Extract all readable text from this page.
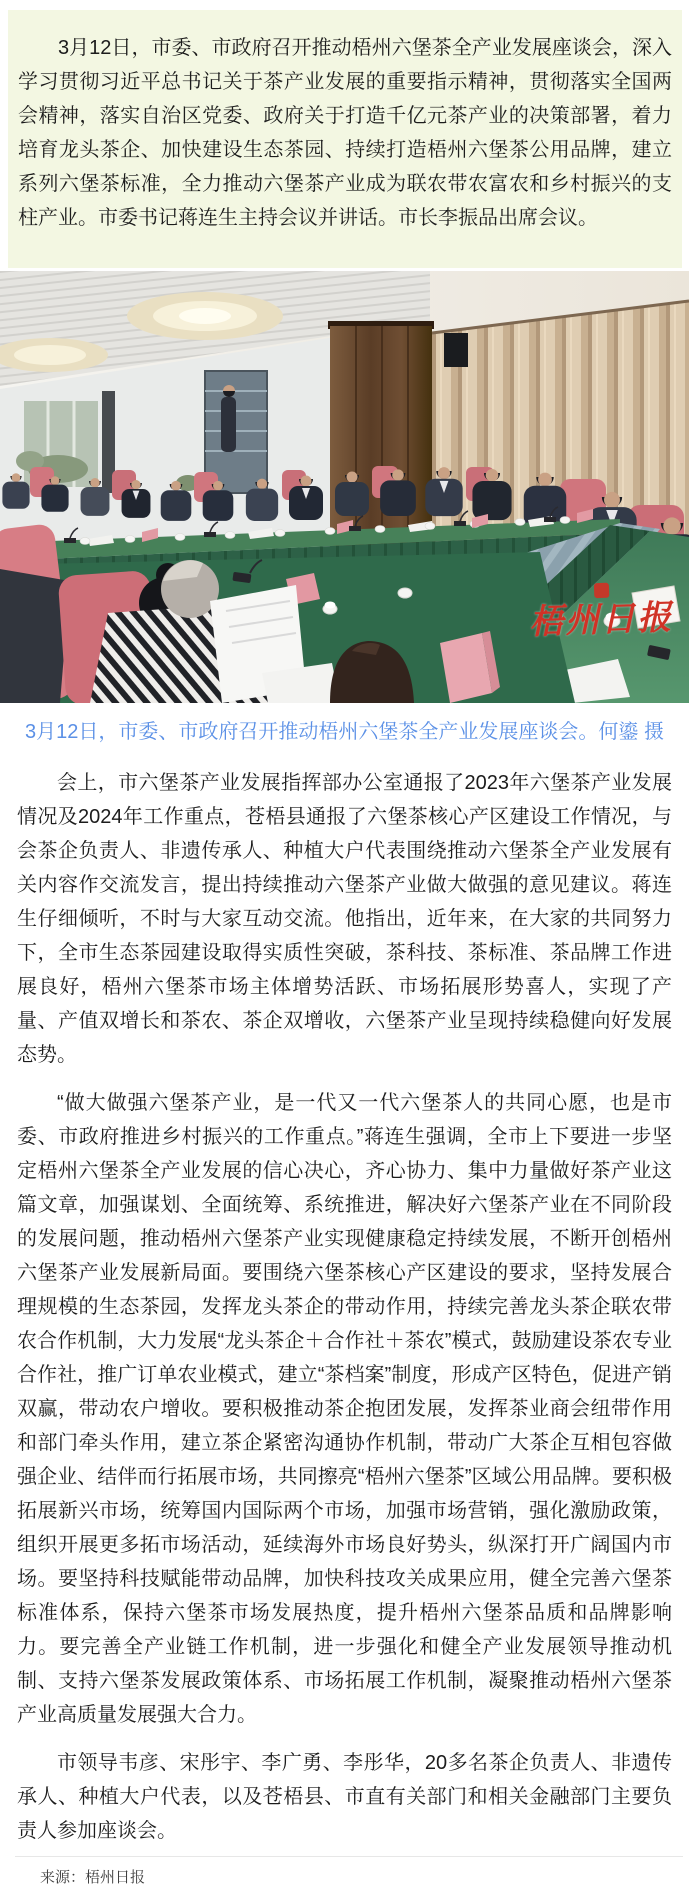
3月12日，市委、市政府召开推动梧州六堡茶全产业发展座谈会，深入学习贯彻习近平总书记关于茶产业发展的重要指示精神，贯彻落实全国两会精神，落实自治区党委、政府关于打造千亿元茶产业的决策部署，着力培育龙头茶企、加快建设生态茶园、持续打造梧州六堡茶公用品牌，建立系列六堡茶标准，全力推动六堡茶产业成为联农带农富农和乡村振兴的支柱产业。市委书记蒋连生主持会议并讲话。市长李振品出席会议。

梧州日报

3月12日，市委、市政府召开推动梧州六堡茶全产业发展座谈会。何鎏 摄

会上，市六堡茶产业发展指挥部办公室通报了2023年六堡茶产业发展情况及2024年工作重点，苍梧县通报了六堡茶核心产区建设工作情况，与会茶企负责人、非遗传承人、种植大户代表围绕推动六堡茶全产业发展有关内容作交流发言，提出持续推动六堡茶产业做大做强的意见建议。蒋连生仔细倾听，不时与大家互动交流。他指出，近年来，在大家的共同努力下，全市生态茶园建设取得实质性突破，茶科技、茶标准、茶品牌工作进展良好，梧州六堡茶市场主体增势活跃、市场拓展形势喜人，实现了产量、产值双增长和茶农、茶企双增收，六堡茶产业呈现持续稳健向好发展态势。

“做大做强六堡茶产业，是一代又一代六堡茶人的共同心愿，也是市委、市政府推进乡村振兴的工作重点。”蒋连生强调，全市上下要进一步坚定梧州六堡茶全产业发展的信心决心，齐心协力、集中力量做好茶产业这篇文章，加强谋划、全面统筹、系统推进，解决好六堡茶产业在不同阶段的发展问题，推动梧州六堡茶产业实现健康稳定持续发展，不断开创梧州六堡茶产业发展新局面。要围绕六堡茶核心产区建设的要求，坚持发展合理规模的生态茶园，发挥龙头茶企的带动作用，持续完善龙头茶企联农带农合作机制，大力发展“龙头茶企＋合作社＋茶农”模式，鼓励建设茶农专业合作社，推广订单农业模式，建立“茶档案”制度，形成产区特色，促进产销双赢，带动农户增收。要积极推动茶企抱团发展，发挥茶业商会纽带作用和部门牵头作用，建立茶企紧密沟通协作机制，带动广大茶企互相包容做强企业、结伴而行拓展市场，共同擦亮“梧州六堡茶”区域公用品牌。要积极拓展新兴市场，统筹国内国际两个市场，加强市场营销，强化激励政策，组织开展更多拓市场活动，延续海外市场良好势头，纵深打开广阔国内市场。要坚持科技赋能带动品牌，加快科技攻关成果应用，健全完善六堡茶标准体系，保持六堡茶市场发展热度，提升梧州六堡茶品质和品牌影响力。要完善全产业链工作机制，进一步强化和健全产业发展领导推动机制、支持六堡茶发展政策体系、市场拓展工作机制，凝聚推动梧州六堡茶产业高质量发展强大合力。

市领导韦彦、宋彤宇、李广勇、李彤华，20多名茶企负责人、非遗传承人、种植大户代表，以及苍梧县、市直有关部门和相关金融部门主要负责人参加座谈会。

来源：梧州日报
